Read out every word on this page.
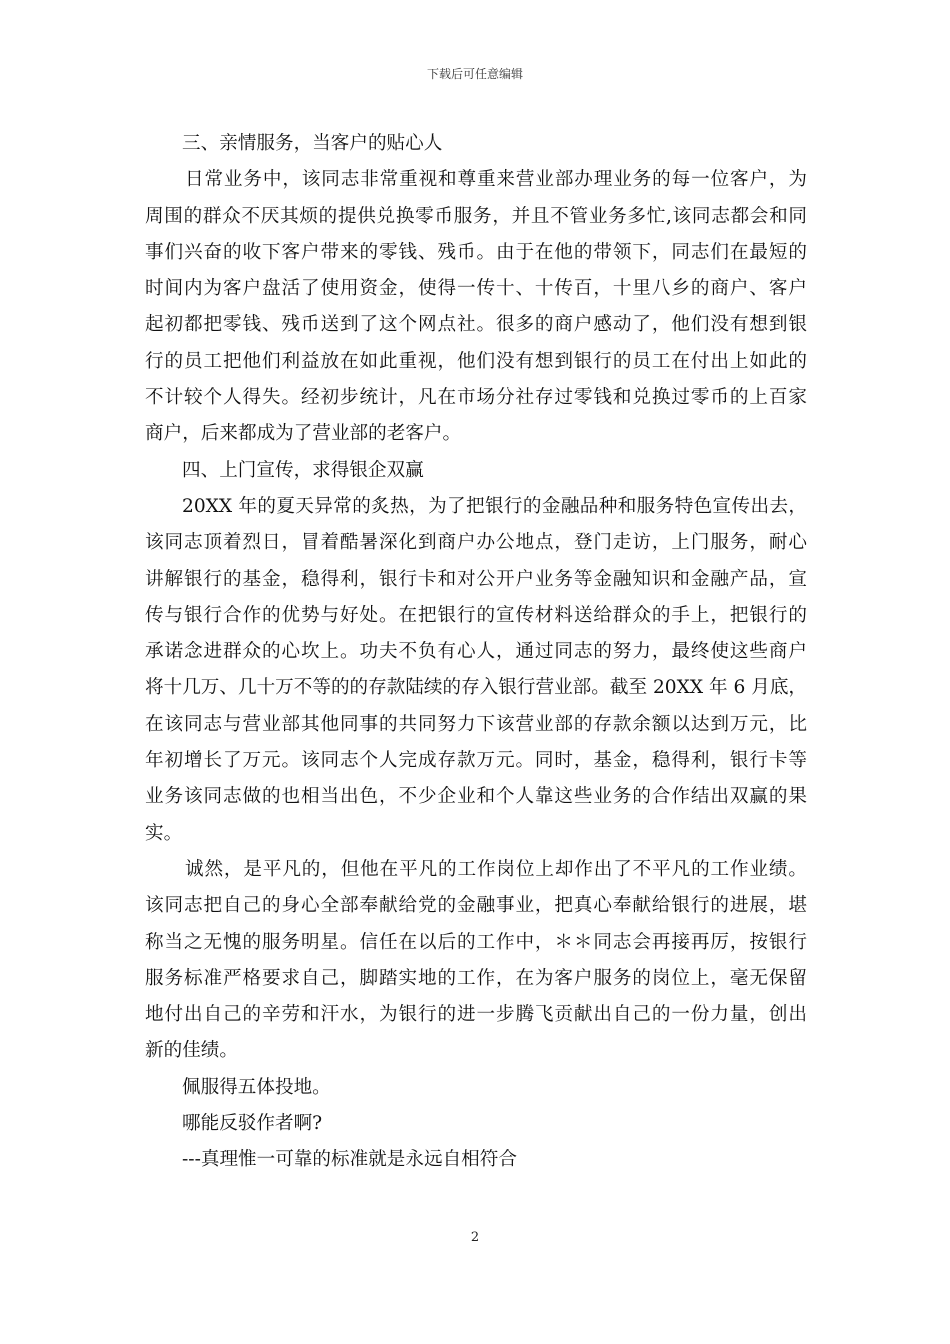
下载后可任意编辑
三、亲情服务，当客户的贴心人
日常业务中，该同志非常重视和尊重来营业部办理业务的每一位客户，为
周围的群众不厌其烦的提供兑换零币服务，并且不管业务多忙,该同志都会和同
事们兴奋的收下客户带来的零钱、残币。由于在他的带领下，同志们在最短的
时间内为客户盘活了使用资金，使得一传十、十传百，十里八乡的商户、客户
起初都把零钱、残币送到了这个网点社。很多的商户感动了，他们没有想到银
行的员工把他们利益放在如此重视，他们没有想到银行的员工在付出上如此的
不计较个人得失。经初步统计，凡在市场分社存过零钱和兑换过零币的上百家
商户，后来都成为了营业部的老客户。
四、上门宣传，求得银企双赢
20XX 年的夏天异常的炙热，为了把银行的金融品种和服务特色宣传出去，
该同志顶着烈日，冒着酷暑深化到商户办公地点，登门走访，上门服务，耐心
讲解银行的基金，稳得利，银行卡和对公开户业务等金融知识和金融产品，宣
传与银行合作的优势与好处。在把银行的宣传材料送给群众的手上，把银行的
承诺念进群众的心坎上。功夫不负有心人，通过同志的努力，最终使这些商户
将十几万、几十万不等的的存款陆续的存入银行营业部。截至 20XX 年 6 月底，
在该同志与营业部其他同事的共同努力下该营业部的存款余额以达到万元，比
年初增长了万元。该同志个人完成存款万元。同时，基金，稳得利，银行卡等
业务该同志做的也相当出色，不少企业和个人靠这些业务的合作结出双赢的果
实。
诚然，是平凡的，但他在平凡的工作岗位上却作出了不平凡的工作业绩。
该同志把自己的身心全部奉献给党的金融事业，把真心奉献给银行的进展，堪
称当之无愧的服务明星。信任在以后的工作中，＊＊同志会再接再厉，按银行
服务标准严格要求自己，脚踏实地的工作，在为客户服务的岗位上，毫无保留
地付出自己的辛劳和汗水，为银行的进一步腾飞贡献出自己的一份力量，创出
新的佳绩。
佩服得五体投地。
哪能反驳作者啊?
---真理惟一可靠的标准就是永远自相符合
2
